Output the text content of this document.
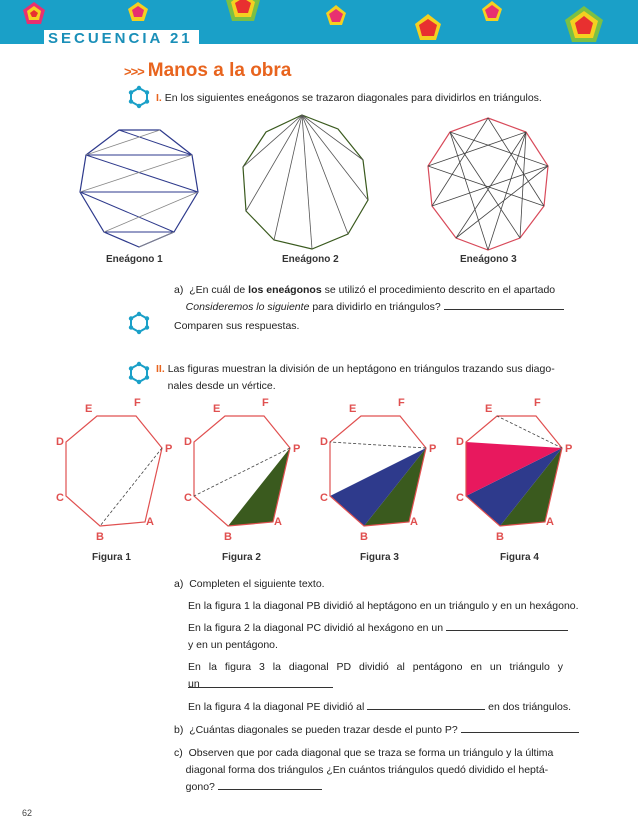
SECUENCIA 21
>>> Manos a la obra
I. En los siguientes eneágonos se trazaron diagonales para dividirlos en triángulos.
Eneágono 1	Eneágono 2	Eneágono 3
a) ¿En cuál de los eneágonos se utilizó el procedimiento descrito en el apartado
Consideremos lo siguiente para dividirlo en triángulos?
Comparen sus respuestas.
II. Las figuras muestran la división de un heptágono en triángulos trazando sus diago-
nales desde un vértice.
E	F
D
P
C
A
B
E	F
D
P
C
A
B
E	F
D
P
C
A
B
E	F
D
P
C
A
B
Figura 1	Figura 2	Figura 3	Figura 4
a) Completen el siguiente texto.
En la figura 1 la diagonal PB dividió al heptágono en un triángulo y en un hexágono.
En la figura 2 la diagonal PC dividió al hexágono en un
y en un pentágono.
En la figura 3 la diagonal PD dividió al pentágono en un triángulo y un
En la figura 4 la diagonal PE dividió al	en dos triángulos.
b) ¿Cuántas diagonales se pueden trazar desde el punto P?
c) Observen que por cada diagonal que se traza se forma un triángulo y la última
diagonal forma dos triángulos ¿En cuántos triángulos quedó dividido el heptá-
gono?
62
